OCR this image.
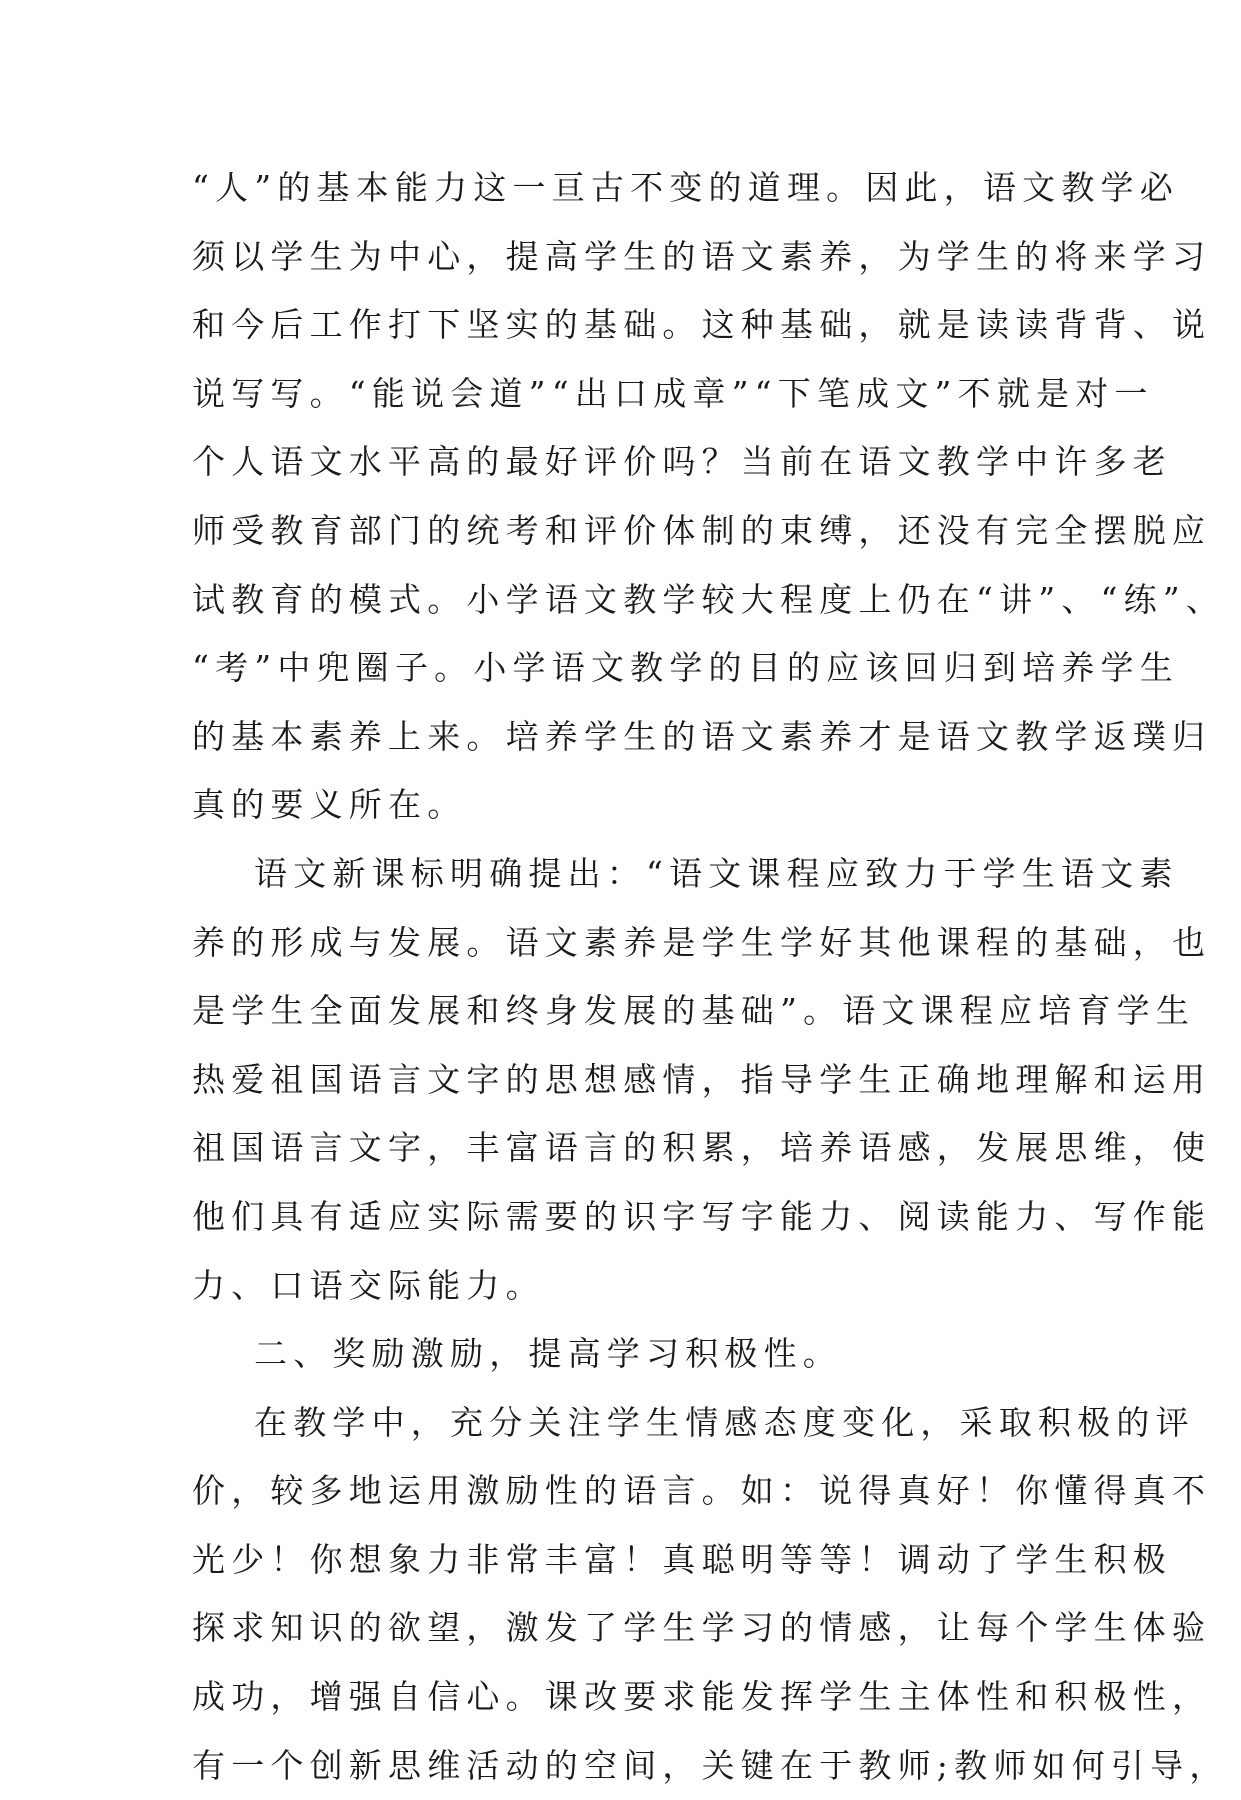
“人”的基本能力这一亘古不变的道理。因此，语文教学必
须以学生为中心，提高学生的语文素养，为学生的将来学习
和今后工作打下坚实的基础。这种基础，就是读读背背、说
说写写。“能说会道”“出口成章”“下笔成文”不就是对一
个人语文水平高的最好评价吗？当前在语文教学中许多老
师受教育部门的统考和评价体制的束缚，还没有完全摆脱应
试教育的模式。小学语文教学较大程度上仍在“讲”、“练”、
“考”中兜圈子。小学语文教学的目的应该回归到培养学生
的基本素养上来。培养学生的语文素养才是语文教学返璞归
真的要义所在。
语文新课标明确提出：“语文课程应致力于学生语文素
养的形成与发展。语文素养是学生学好其他课程的基础，也
是学生全面发展和终身发展的基础”。语文课程应培育学生
热爱祖国语言文字的思想感情，指导学生正确地理解和运用
祖国语言文字，丰富语言的积累，培养语感，发展思维，使
他们具有适应实际需要的识字写字能力、阅读能力、写作能
力、口语交际能力。
二、奖励激励，提高学习积极性。
在教学中，充分关注学生情感态度变化，采取积极的评
价，较多地运用激励性的语言。如：说得真好！你懂得真不
光少！你想象力非常丰富！真聪明等等！调动了学生积极
探求知识的欲望，激发了学生学习的情感，让每个学生体验
成功，增强自信心。课改要求能发挥学生主体性和积极性，
有一个创新思维活动的空间，关键在于教师;教师如何引导，
